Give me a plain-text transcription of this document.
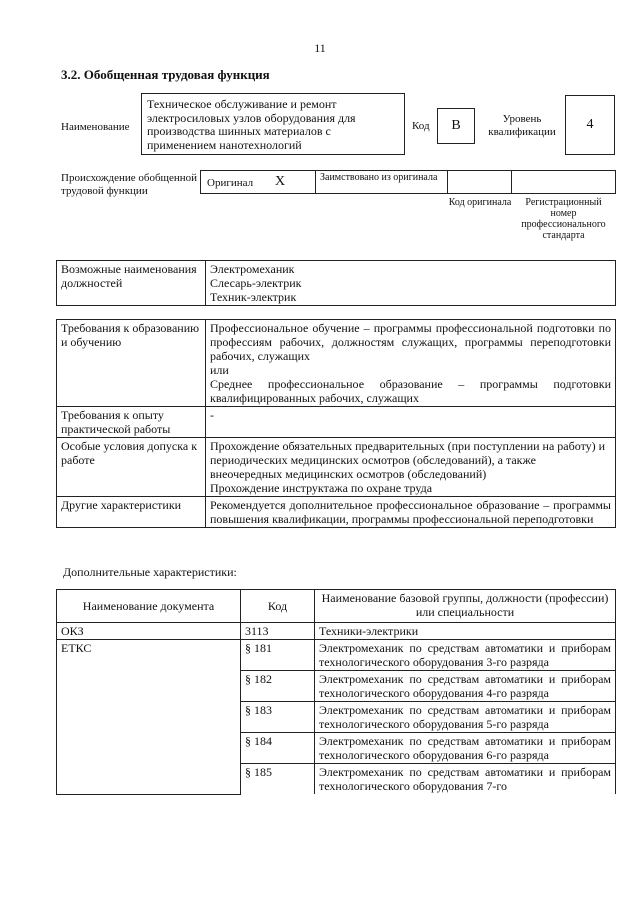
11
3.2. Обобщенная трудовая функция
Наименование
Техническое обслуживание и ремонт электросиловых узлов оборудования для производства шинных материалов с применением нанотехнологий
Код	B	Уровень квалификации	4
Происхождение обобщенной трудовой функции
Оригинал X	Заимствовано из оригинала
Код оригинала	Регистрационный номер профессионального стандарта
Возможные наименования должностей	
Электромеханик
Слесарь-электрик
Техник-электрик
Требования к образованию и обучению	Профессиональное обучение – программы профессиональной подготовки по профессиям рабочих, должностям служащих, программы переподготовки рабочих, служащих
или
Среднее профессиональное образование – программы подготовки квалифицированных рабочих, служащих

Требования к опыту практической работы	-

Особые условия допуска к работе	Прохождение обязательных предварительных (при поступлении на работу) и периодических медицинских осмотров (обследований), а также внеочередных медицинских осмотров (обследований)
Прохождение инструктажа по охране труда

Другие характеристики	Рекомендуется дополнительное профессиональное образование – программы повышения квалификации, программы профессиональной переподготовки
Дополнительные характеристики:
Наименование документа	Код	Наименование базовой группы, должности (профессии) или специальности
ОКЗ	3113	Техники-электрики
ЕТКС	§ 181	Электромеханик по средствам автоматики и приборам технологического оборудования 3-го разряда
	§ 182	Электромеханик по средствам автоматики и приборам технологического оборудования 4-го разряда
	§ 183	Электромеханик по средствам автоматики и приборам технологического оборудования 5-го разряда
	§ 184	Электромеханик по средствам автоматики и приборам технологического оборудования 6-го разряда
	§ 185	Электромеханик по средствам автоматики и приборам технологического оборудования 7-го
